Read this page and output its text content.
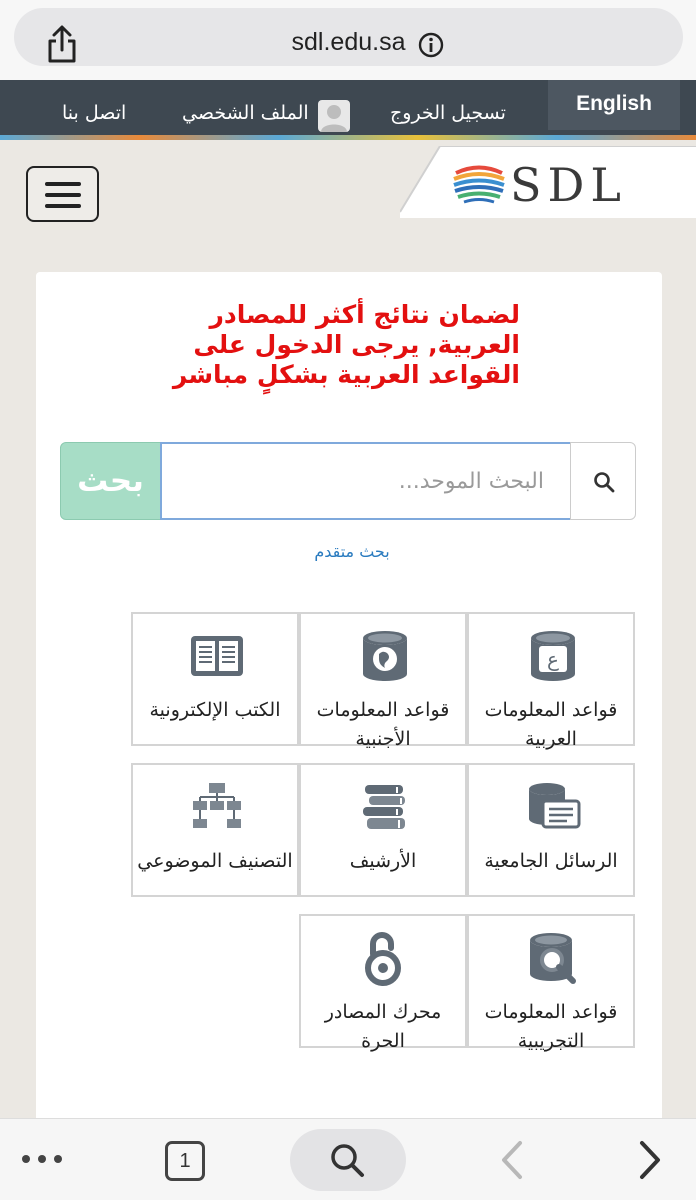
sdl.edu.sa
English
تسجيل الخروج
الملف الشخصي
اتصل بنا
SDL
لضمان نتائج أكثر للمصادر العربية, يرجى الدخول على القواعد العربية بشكلٍ مباشر
بحث
البحث الموحد...
بحث متقدم
ع
قواعد المعلومات العربية
قواعد المعلومات الأجنبية
الكتب الإلكترونية
الرسائل الجامعية
الأرشيف
التصنيف الموضوعي
قواعد المعلومات التجريبية
محرك المصادر الحرة
1
